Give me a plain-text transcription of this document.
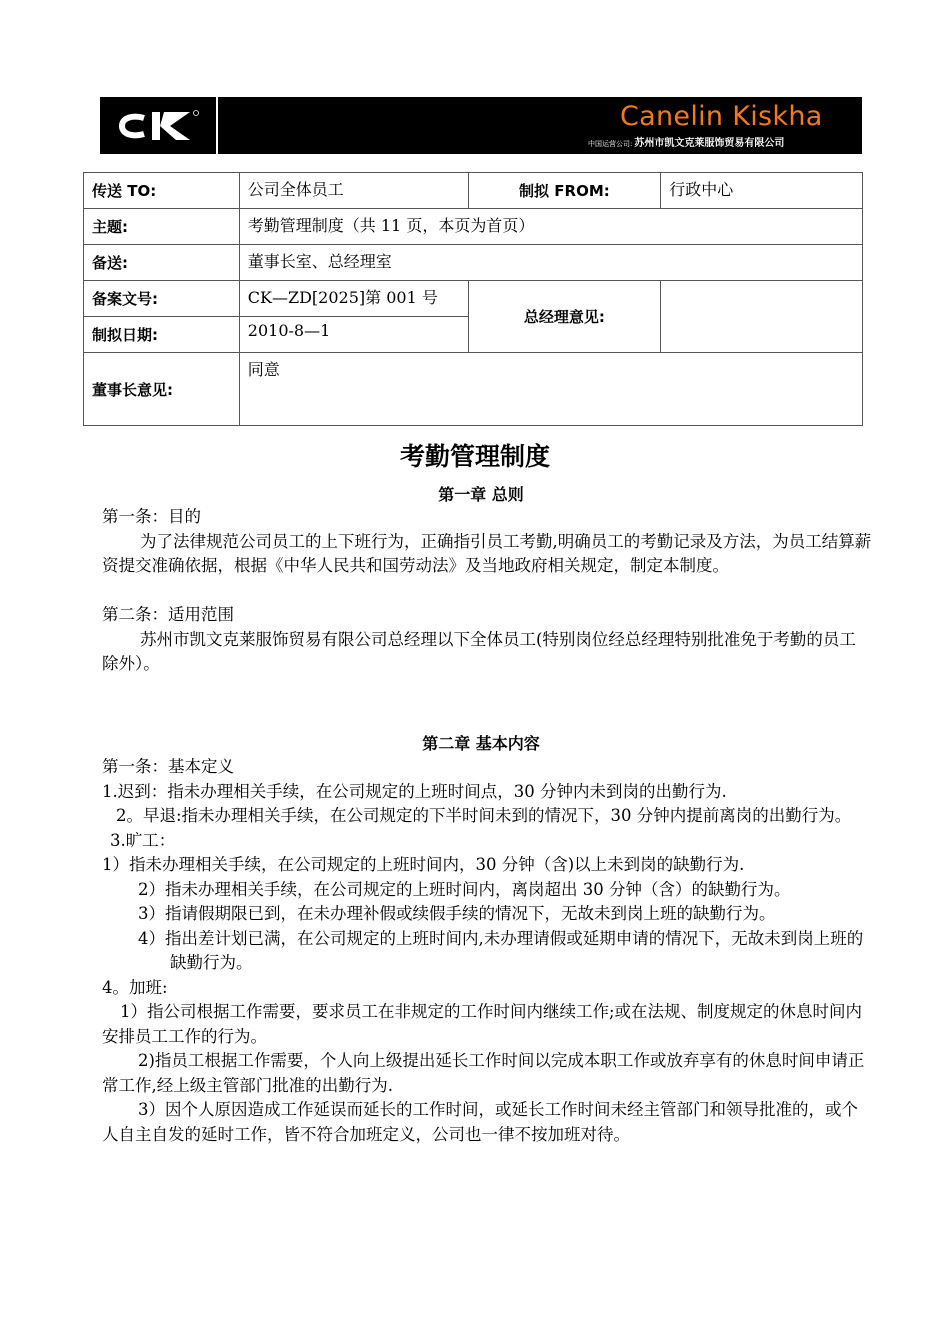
Canelin Kiskha
中国运营公司: 苏州市凯文克莱服饰贸易有限公司
传送 TO:	公司全体员工	制拟 FROM:	行政中心
主题:	考勤管理制度（共 11 页，本页为首页）		
备送:	董事长室、总经理室		
备案文号:	CK—ZD[2025]第 001 号	总经理意见:	
制拟日期:	2010-8—1		
董事长意见:	同意		
考勤管理制度
第一章 总则

第一条：目的

为了法律规范公司员工的上下班行为，正确指引员工考勤,明确员工的考勤记录及方法，为员工结算薪资提交准确依据，根据《中华人民共和国劳动法》及当地政府相关规定，制定本制度。

第二条：适用范围

苏州市凯文克莱服饰贸易有限公司总经理以下全体员工(特别岗位经总经理特别批准免于考勤的员工除外）。

第二章 基本内容

第一条：基本定义

1.迟到：指未办理相关手续，在公司规定的上班时间点，30 分钟内未到岗的出勤行为.

2。早退:指未办理相关手续，在公司规定的下半时间未到的情况下，30 分钟内提前离岗的出勤行为。

3.旷工：

1）指未办理相关手续，在公司规定的上班时间内，30 分钟（含)以上未到岗的缺勤行为.

2）指未办理相关手续，在公司规定的上班时间内，离岗超出 30 分钟（含）的缺勤行为。

3）指请假期限已到，在未办理补假或续假手续的情况下，无故未到岗上班的缺勤行为。

4）指出差计划已满，在公司规定的上班时间内,未办理请假或延期申请的情况下，无故未到岗上班的缺勤行为。

4。加班:

1）指公司根据工作需要，要求员工在非规定的工作时间内继续工作;或在法规、制度规定的休息时间内安排员工工作的行为。

2)指员工根据工作需要，个人向上级提出延长工作时间以完成本职工作或放弃享有的休息时间申请正常工作,经上级主管部门批准的出勤行为.

3）因个人原因造成工作延误而延长的工作时间，或延长工作时间未经主管部门和领导批准的，或个人自主自发的延时工作，皆不符合加班定义，公司也一律不按加班对待。
